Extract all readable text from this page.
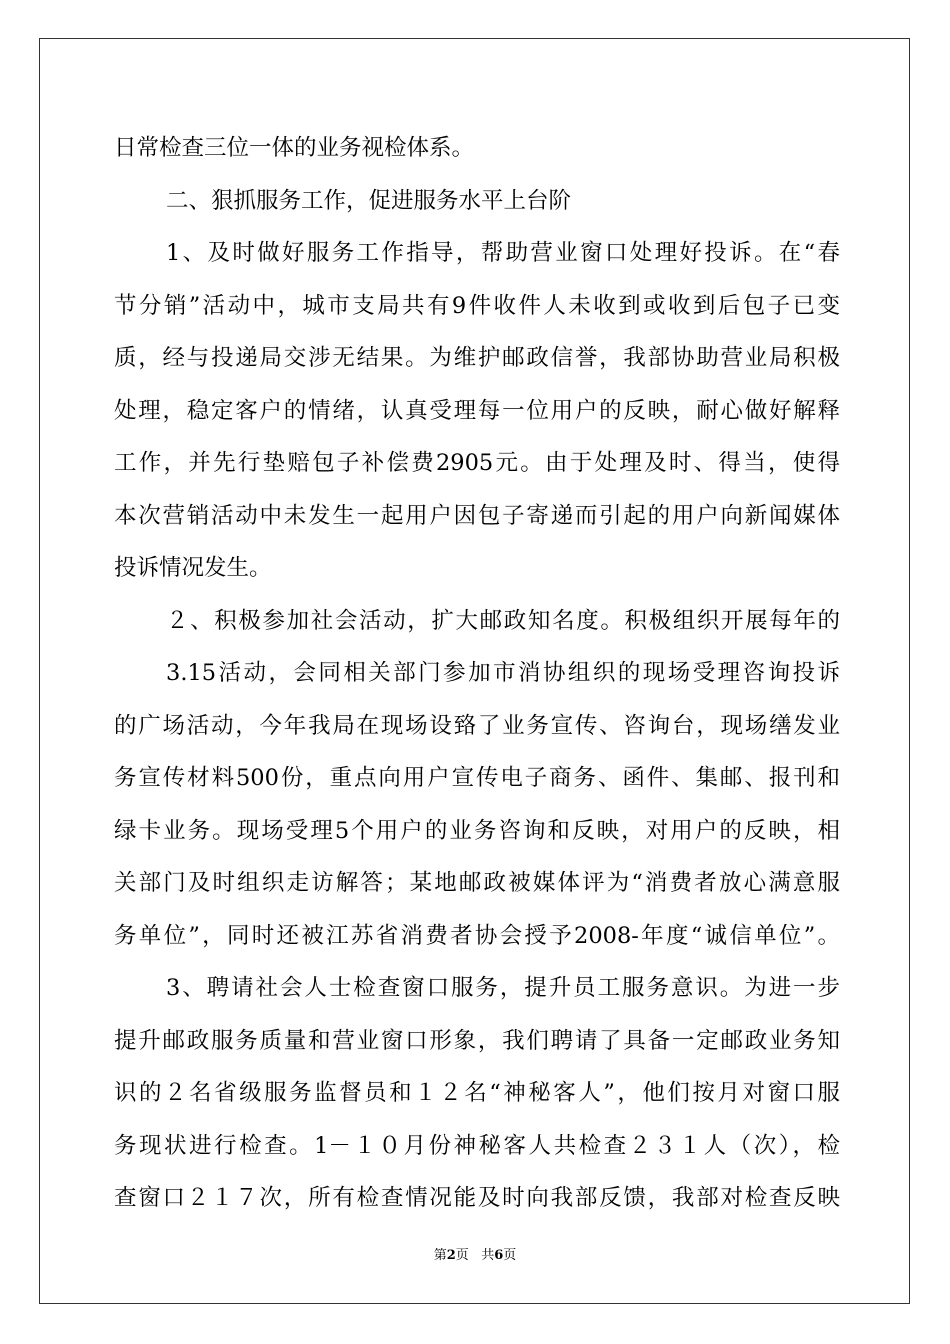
日常检查三位一体的业务视检体系。
二、狠抓服务工作，促进服务水平上台阶
1、及时做好服务工作指导，帮助营业窗口处理好投诉。在“春
节分销”活动中，城市支局共有9件收件人未收到或收到后包子已变
质，经与投递局交涉无结果。为维护邮政信誉，我部协助营业局积极
处理，稳定客户的情绪，认真受理每一位用户的反映，耐心做好解释
工作，并先行垫赔包子补偿费2905元。由于处理及时、得当，使得
本次营销活动中未发生一起用户因包子寄递而引起的用户向新闻媒体
投诉情况发生。
２、积极参加社会活动，扩大邮政知名度。积极组织开展每年的
3.15活动，会同相关部门参加市消协组织的现场受理咨询投诉
的广场活动，今年我局在现场设臵了业务宣传、咨询台，现场缮发业
务宣传材料500份，重点向用户宣传电子商务、函件、集邮、报刊和
绿卡业务。现场受理5个用户的业务咨询和反映，对用户的反映，相
关部门及时组织走访解答；某地邮政被媒体评为“消费者放心满意服
务单位”，同时还被江苏省消费者协会授予2008-年度“诚信单位”。
3、聘请社会人士检查窗口服务，提升员工服务意识。为进一步
提升邮政服务质量和营业窗口形象，我们聘请了具备一定邮政业务知
识的２名省级服务监督员和１２名“神秘客人”，他们按月对窗口服
务现状进行检查。1－１０月份神秘客人共检查２３１人（次），检
查窗口２１７次，所有检查情况能及时向我部反馈，我部对检查反映
第2页 共6页
